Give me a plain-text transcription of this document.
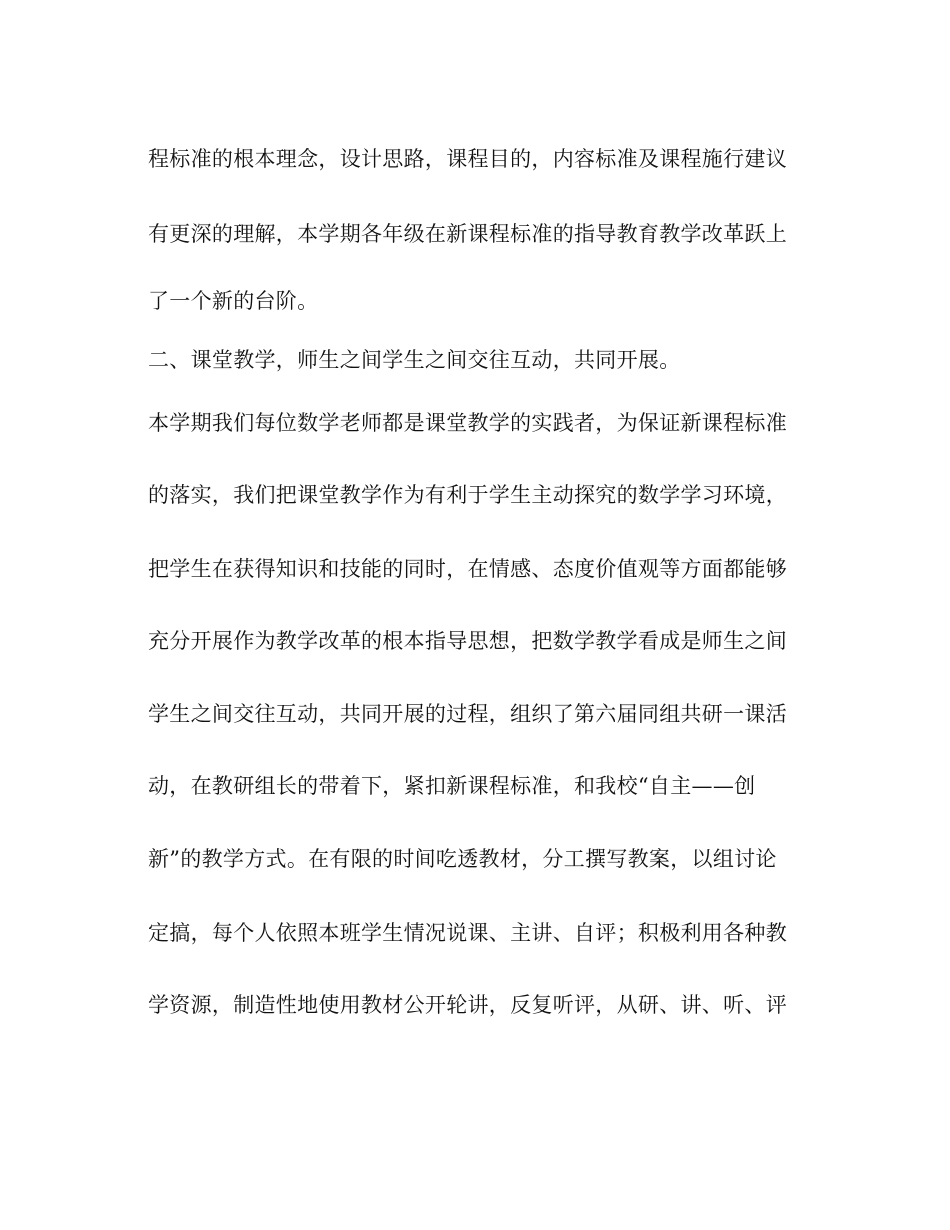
程标准的根本理念，设计思路，课程目的，内容标准及课程施行建议
有更深的理解，本学期各年级在新课程标准的指导教育教学改革跃上
了一个新的台阶。
二、课堂教学，师生之间学生之间交往互动，共同开展。
本学期我们每位数学老师都是课堂教学的实践者，为保证新课程标准
的落实，我们把课堂教学作为有利于学生主动探究的数学学习环境，
把学生在获得知识和技能的同时，在情感、态度价值观等方面都能够
充分开展作为教学改革的根本指导思想，把数学教学看成是师生之间
学生之间交往互动，共同开展的过程，组织了第六届同组共研一课活
动，在教研组长的带着下，紧扣新课程标准，和我校“自主——创
新”的教学方式。在有限的时间吃透教材，分工撰写教案，以组讨论
定搞，每个人依照本班学生情况说课、主讲、自评；积极利用各种教
学资源，制造性地使用教材公开轮讲，反复听评，从研、讲、听、评
